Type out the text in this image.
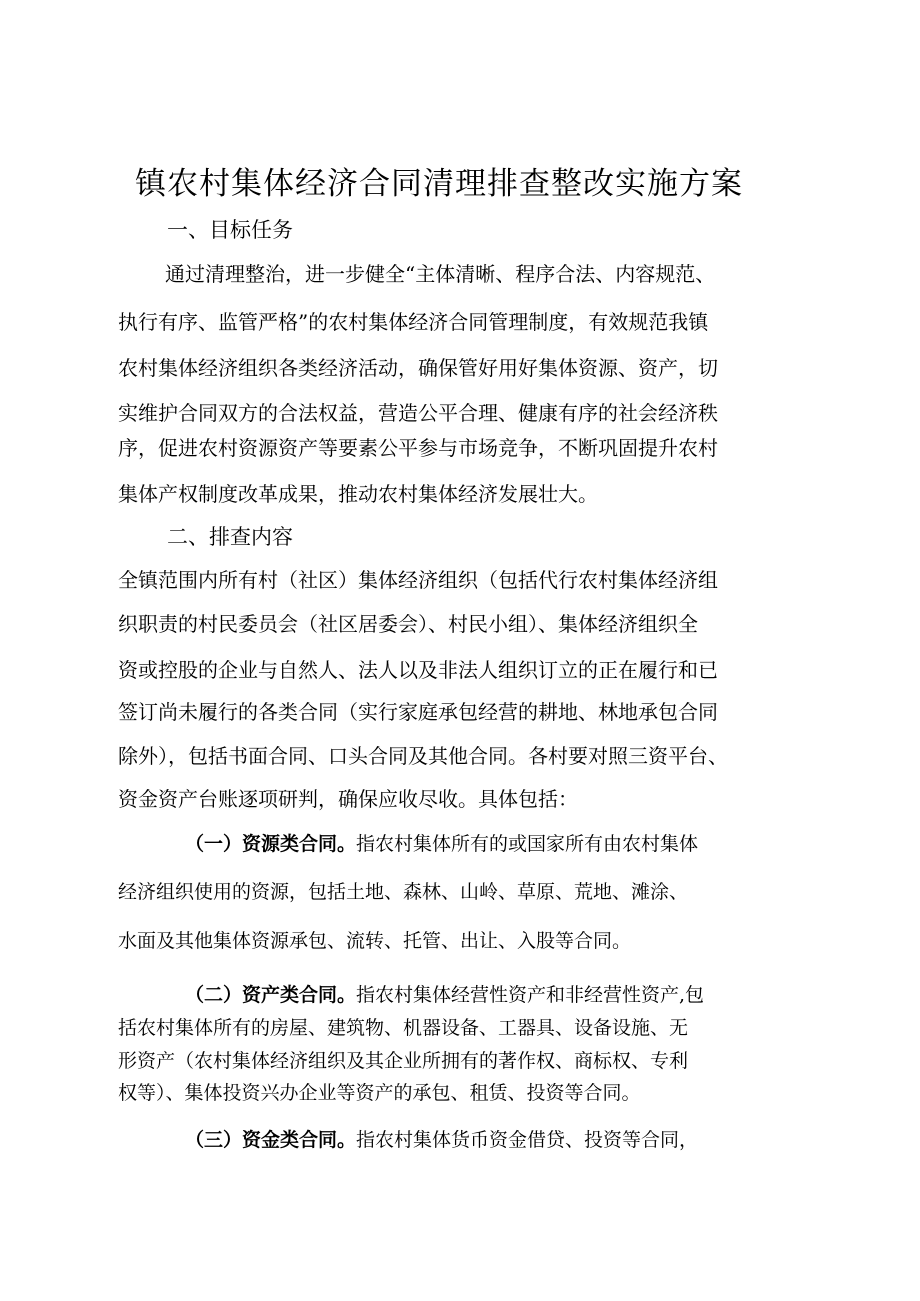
镇农村集体经济合同清理排查整改实施方案
一、目标任务
通过清理整治，进一步健全“主体清晰、程序合法、内容规范、
执行有序、监管严格”的农村集体经济合同管理制度，有效规范我镇
农村集体经济组织各类经济活动，确保管好用好集体资源、资产，切
实维护合同双方的合法权益，营造公平合理、健康有序的社会经济秩
序，促进农村资源资产等要素公平参与市场竞争，不断巩固提升农村
集体产权制度改革成果，推动农村集体经济发展壮大。
二、排查内容
全镇范围内所有村（社区）集体经济组织（包括代行农村集体经济组
织职责的村民委员会（社区居委会）、村民小组）、集体经济组织全
资或控股的企业与自然人、法人以及非法人组织订立的正在履行和已
签订尚未履行的各类合同（实行家庭承包经营的耕地、林地承包合同
除外），包括书面合同、口头合同及其他合同。各村要对照三资平台、
资金资产台账逐项研判，确保应收尽收。具体包括：
（一）资源类合同。指农村集体所有的或国家所有由农村集体
经济组织使用的资源，包括土地、森林、山岭、草原、荒地、滩涂、
水面及其他集体资源承包、流转、托管、出让、入股等合同。
（二）资产类合同。指农村集体经营性资产和非经营性资产,包
括农村集体所有的房屋、建筑物、机器设备、工器具、设备设施、无
形资产（农村集体经济组织及其企业所拥有的著作权、商标权、专利
权等）、集体投资兴办企业等资产的承包、租赁、投资等合同。
（三）资金类合同。指农村集体货币资金借贷、投资等合同，
